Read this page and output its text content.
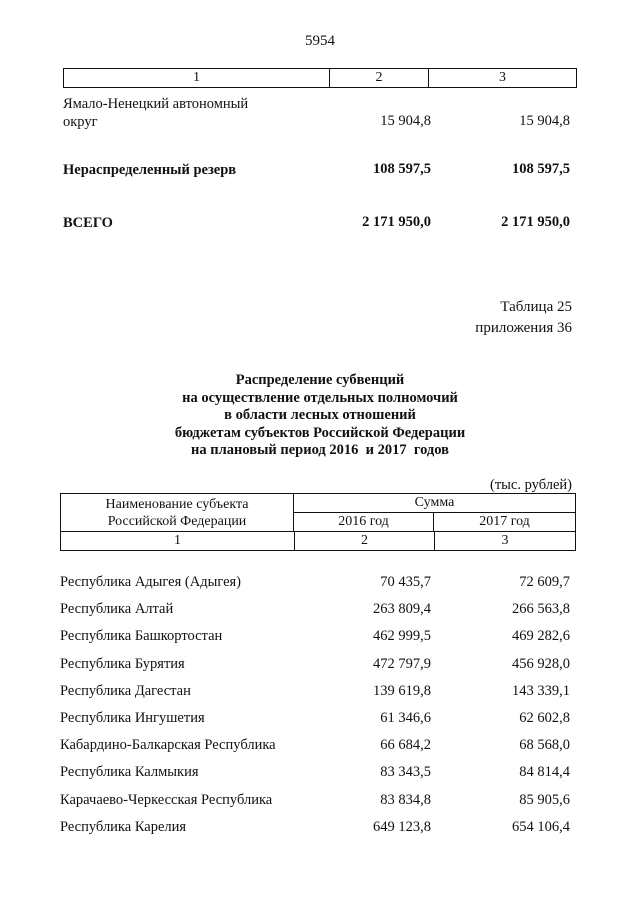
5954
1	2	3
Ямало-Ненецкий автономный
округ	15 904,8	15 904,8
Нераспределенный резерв	108 597,5	108 597,5
ВСЕГО	2 171 950,0	2 171 950,0
Таблица 25
приложения 36
Распределение субвенций
на осуществление отдельных полномочий
в области лесных отношений
бюджетам субъектов Российской Федерации
на плановый период 2016  и 2017  годов
(тыс. рублей)
Наименование субъекта
Российской Федерации
Сумма
2016 год	2017 год
1	2	3
Республика Адыгея (Адыгея)	70 435,7	72 609,7
Республика Алтай	263 809,4	266 563,8
Республика Башкортостан	462 999,5	469 282,6
Республика Бурятия	472 797,9	456 928,0
Республика Дагестан	139 619,8	143 339,1
Республика Ингушетия	61 346,6	62 602,8
Кабардино-Балкарская Республика	66 684,2	68 568,0
Республика Калмыкия	83 343,5	84 814,4
Карачаево-Черкесская Республика	83 834,8	85 905,6
Республика Карелия	649 123,8	654 106,4
